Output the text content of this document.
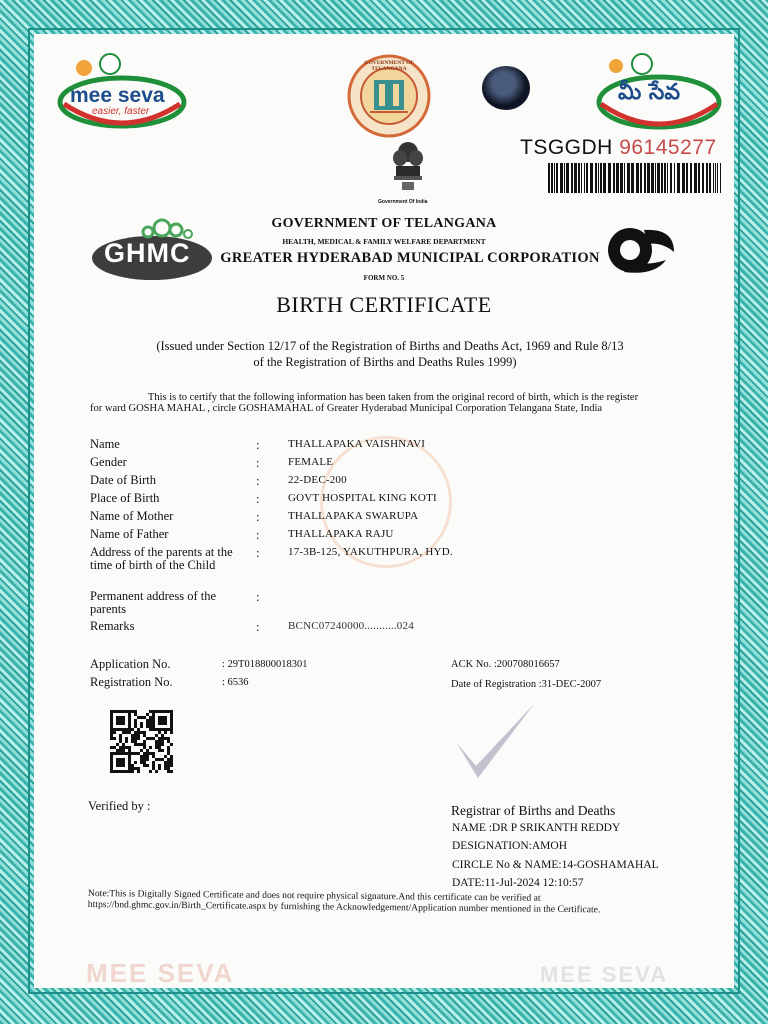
mee seva
easier, faster
GOVERNMENT OF TELANGANA
మీ సేవ
TSGGDH 96145277
Government Of India
GHMC
GOVERNMENT OF TELANGANA
HEALTH, MEDICAL & FAMILY WELFARE DEPARTMENT
GREATER HYDERABAD MUNICIPAL CORPORATION
FORM NO. 5
BIRTH CERTIFICATE
(Issued under Section 12/17 of the Registration of Births and Deaths Act, 1969 and Rule 8/13
of the Registration of Births and Deaths Rules 1999)
This is to certify that the following information has been taken from the original record of birth, which is the register
for ward GOSHA MAHAL , circle GOSHAMAHAL of Greater Hyderabad Municipal Corporation Telangana State, India
Name	:	THALLAPAKA VAISHNAVI
Gender	:	FEMALE
Date of Birth	:	22-DEC-200
Place of Birth	:	GOVT HOSPITAL KING KOTI
Name of Mother	:	THALLAPAKA SWARUPA
Name of Father	:	THALLAPAKA RAJU
Address of the parents at the time of birth of the Child
:	17-3B-125, YAKUTHPURA, HYD.
Permanent address of the parents
:
Remarks	:	BCNC07240000...........024
Application No.	: 29T018800018301
Registration No.	: 6536
ACK No. :200708016657
Date of Registration :31-DEC-2007
Verified by :	Registrar of Births and Deaths
NAME :DR P SRIKANTH REDDY
DESIGNATION:AMOH
CIRCLE No & NAME:14-GOSHAMAHAL
DATE:11-Jul-2024 12:10:57
Note:This is Digitally Signed Certificate and does not require physical signature.And this certificate can be verified at https://bnd.ghmc.gov.in/Birth_Certificate.aspx by furnishing the Acknowledgement/Application number mentioned in the Certificate.
MEE SEVA	MEE SEVA
